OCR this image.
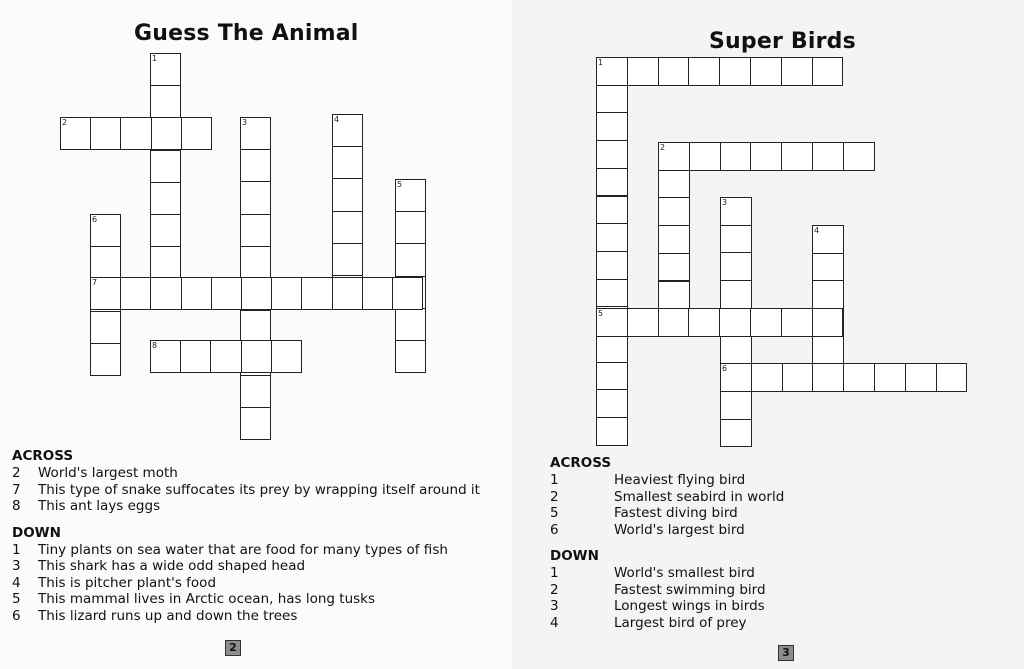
Guess The Animal
1
2	3	4
5
6
7
8
ACROSS
2	World's largest moth
7	This type of snake suffocates its prey by wrapping itself around it
8	This ant lays eggs
DOWN
1	Tiny plants on sea water that are food for many types of fish
3	This shark has a wide odd shaped head
4	This is pitcher plant's food
5	This mammal lives in Arctic ocean, has long tusks
6	This lizard runs up and down the trees
2
Super Birds
1
2
3
4
5
6
ACROSS
1	Heaviest flying bird
2	Smallest seabird in world
5	Fastest diving bird
6	World's largest bird
DOWN
1	World's smallest bird
2	Fastest swimming bird
3	Longest wings in birds
4	Largest bird of prey
3
